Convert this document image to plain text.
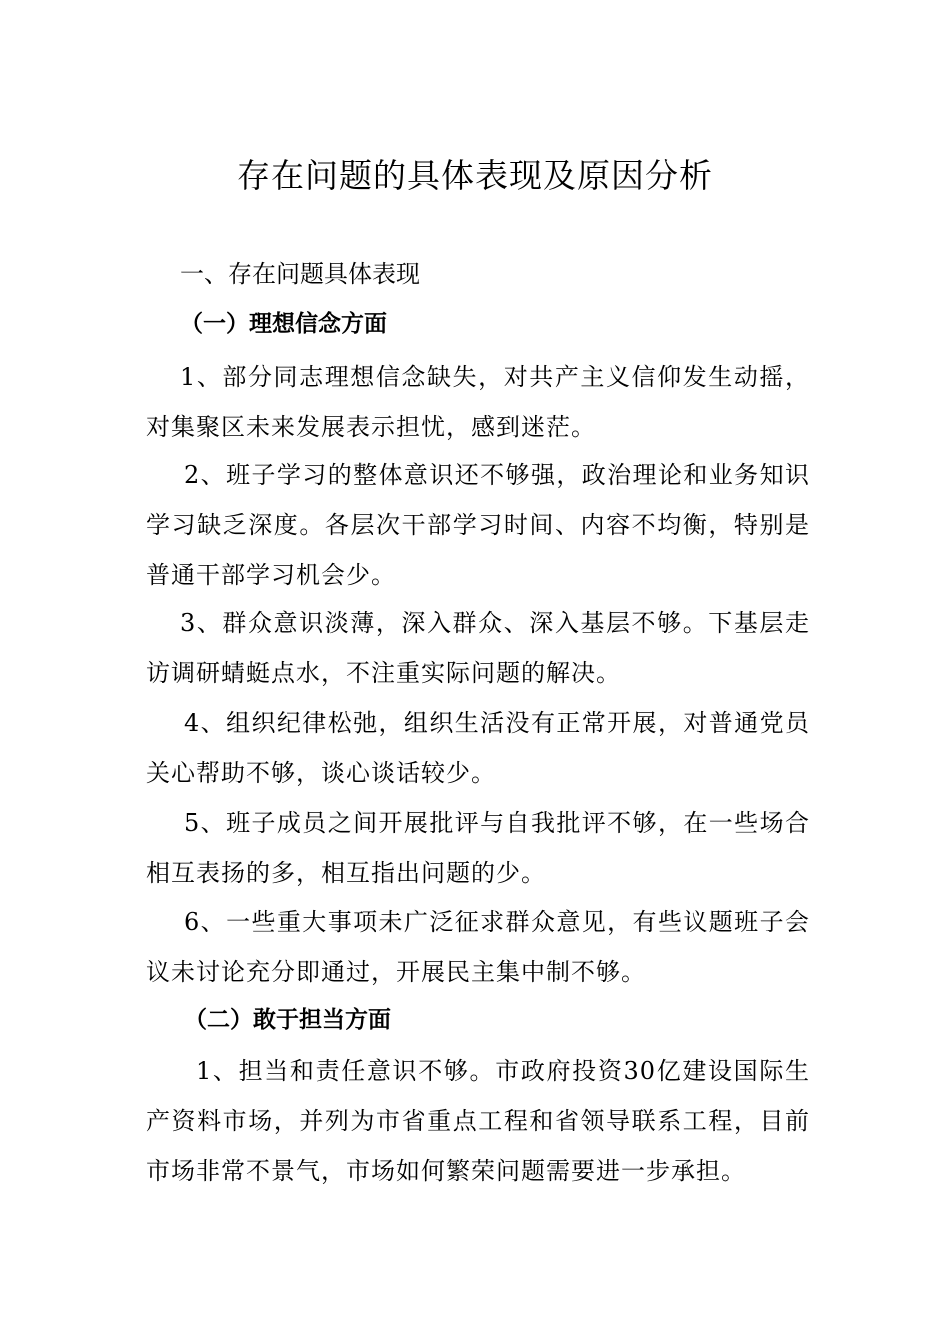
存在问题的具体表现及原因分析
一、存在问题具体表现
（一）理想信念方面

1、部分同志理想信念缺失，对共产主义信仰发生动摇，对集聚区未来发展表示担忧，感到迷茫。

2、班子学习的整体意识还不够强，政治理论和业务知识学习缺乏深度。各层次干部学习时间、内容不均衡，特别是普通干部学习机会少。

3、群众意识淡薄，深入群众、深入基层不够。下基层走访调研蜻蜓点水，不注重实际问题的解决。

4、组织纪律松弛，组织生活没有正常开展，对普通党员关心帮助不够，谈心谈话较少。

5、班子成员之间开展批评与自我批评不够，在一些场合相互表扬的多，相互指出问题的少。

6、一些重大事项未广泛征求群众意见，有些议题班子会议未讨论充分即通过，开展民主集中制不够。

（二）敢于担当方面

1、担当和责任意识不够。市政府投资30亿建设国际生产资料市场，并列为市省重点工程和省领导联系工程，目前市场非常不景气，市场如何繁荣问题需要进一步承担。
